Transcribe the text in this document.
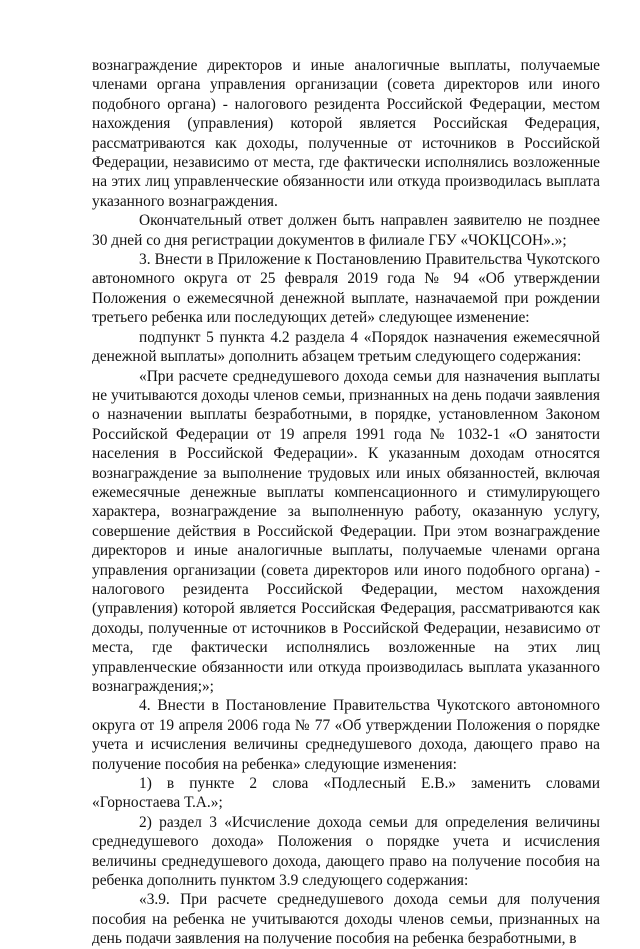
вознаграждение директоров и иные аналогичные выплаты, получаемые членами органа управления организации (совета директоров или иного подобного органа) - налогового резидента Российской Федерации, местом нахождения (управления) которой является Российская Федерация, рассматриваются как доходы, полученные от источников в Российской Федерации, независимо от места, где фактически исполнялись возложенные на этих лиц управленческие обязанности или откуда производилась выплата указанного вознаграждения.

Окончательный ответ должен быть направлен заявителю не позднее 30 дней со дня регистрации документов в филиале ГБУ «ЧОКЦСОН».»;

3. Внести в Приложение к Постановлению Правительства Чукотского автономного округа от 25 февраля 2019 года № 94 «Об утверждении Положения о ежемесячной денежной выплате, назначаемой при рождении третьего ребенка или последующих детей» следующее изменение:

подпункт 5 пункта 4.2 раздела 4 «Порядок назначения ежемесячной денежной выплаты» дополнить абзацем третьим следующего содержания:

«При расчете среднедушевого дохода семьи для назначения выплаты не учитываются доходы членов семьи, признанных на день подачи заявления о назначении выплаты безработными, в порядке, установленном Законом Российской Федерации от 19 апреля 1991 года № 1032-1 «О занятости населения в Российской Федерации». К указанным доходам относятся вознаграждение за выполнение трудовых или иных обязанностей, включая ежемесячные денежные выплаты компенсационного и стимулирующего характера, вознаграждение за выполненную работу, оказанную услугу, совершение действия в Российской Федерации. При этом вознаграждение директоров и иные аналогичные выплаты, получаемые членами органа управления организации (совета директоров или иного подобного органа) - налогового резидента Российской Федерации, местом нахождения (управления) которой является Российская Федерация, рассматриваются как доходы, полученные от источников в Российской Федерации, независимо от места, где фактически исполнялись возложенные на этих лиц управленческие обязанности или откуда производилась выплата указанного вознаграждения;»;

4. Внести в Постановление Правительства Чукотского автономного округа от 19 апреля 2006 года № 77 «Об утверждении Положения о порядке учета и исчисления величины среднедушевого дохода, дающего право на получение пособия на ребенка» следующие изменения:

1) в пункте 2 слова «Подлесный Е.В.» заменить словами «Горностаева Т.А.»;

2) раздел 3 «Исчисление дохода семьи для определения величины среднедушевого дохода» Положения о порядке учета и исчисления величины среднедушевого дохода, дающего право на получение пособия на ребенка дополнить пунктом 3.9 следующего содержания:

«3.9. При расчете среднедушевого дохода семьи для получения пособия на ребенка не учитываются доходы членов семьи, признанных на день подачи заявления на получение пособия на ребенка безработными, в
